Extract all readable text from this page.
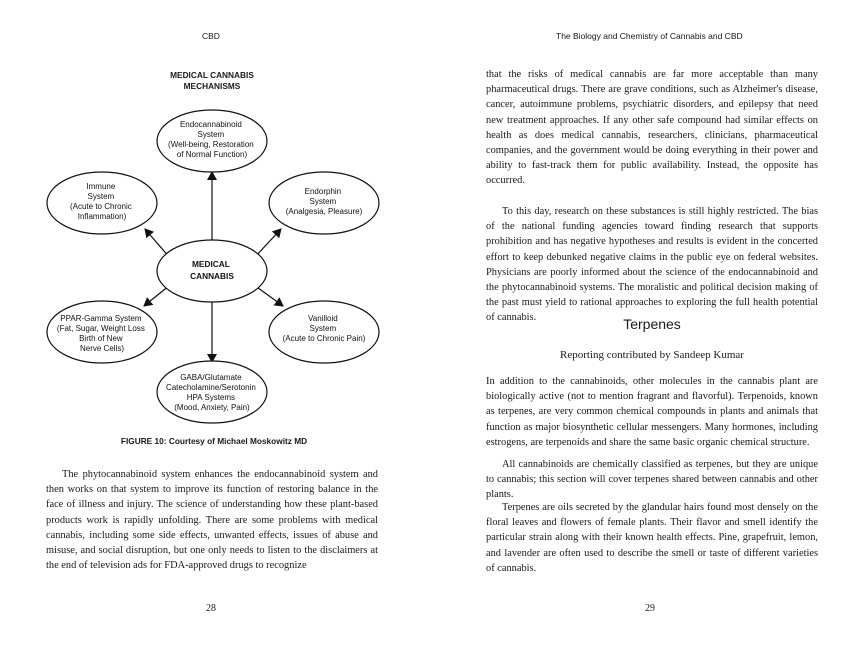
CBD
MEDICAL CANNABIS
MECHANISMS
MEDICAL CANNABIS
Endocannabinoid System (Well-being, Restoration of Normal Function)
Immune System (Acute to Chronic Inflammation)
Endorphin System (Analgesia, Pleasure)
PPAR-Gamma System (Fat, Sugar, Weight Loss Birth of New Nerve Cells)
Vanilloid System (Acute to Chronic Pain)
GABA/Glutamate Catecholamine/Serotonin HPA Systems (Mood, Anxiety, Pain)
FIGURE 10: Courtesy of Michael Moskowitz MD

The phytocannabinoid system enhances the endocannabinoid system and then works on that system to improve its function of restoring balance in the face of illness and injury. The science of understanding how these plant-based products work is rapidly unfolding. There are some problems with medical cannabis, including some side effects, unwanted effects, issues of abuse and misuse, and social disruption, but one only needs to listen to the disclaimers at the end of television ads for FDA-approved drugs to recognize

28
The Biology and Chemistry of Cannabis and CBD

that the risks of medical cannabis are far more acceptable than many pharmaceutical drugs. There are grave conditions, such as Alzheimer's disease, cancer, autoimmune problems, psychiatric disorders, and epilepsy that need new treatment approaches. If any other safe compound had similar effects on health as does medical cannabis, researchers, clinicians, pharmaceutical companies, and the government would be doing everything in their power and ability to fast-track them for public availability. Instead, the opposite has occurred.

To this day, research on these substances is still highly restricted. The bias of the national funding agencies toward finding research that supports prohibition and has negative hypotheses and results is evident in the concerted effort to keep debunked negative claims in the public eye on federal websites. Physicians are poorly informed about the science of the endocannabinoid and the phytocannabinoid systems. The moralistic and political decision making of the past must yield to rational approaches to exploring the full health potential of cannabis.	Terpenes
Reporting contributed by Sandeep Kumar

In addition to the cannabinoids, other molecules in the cannabis plant are biologically active (not to mention fragrant and flavorful). Terpenoids, known as terpenes, are very common chemical compounds in plants and animals that function as major biosynthetic cellular messengers. Many hormones, including estrogens, are terpenoids and share the same basic organic chemical structure.

All cannabinoids are chemically classified as terpenes, but they are unique to cannabis; this section will cover terpenes shared between cannabis and other plants.

Terpenes are oils secreted by the glandular hairs found most densely on the floral leaves and flowers of female plants. Their flavor and smell identify the particular strain along with their known health effects. Pine, grapefruit, lemon, and lavender are often used to describe the smell or taste of different varieties of cannabis.

29
